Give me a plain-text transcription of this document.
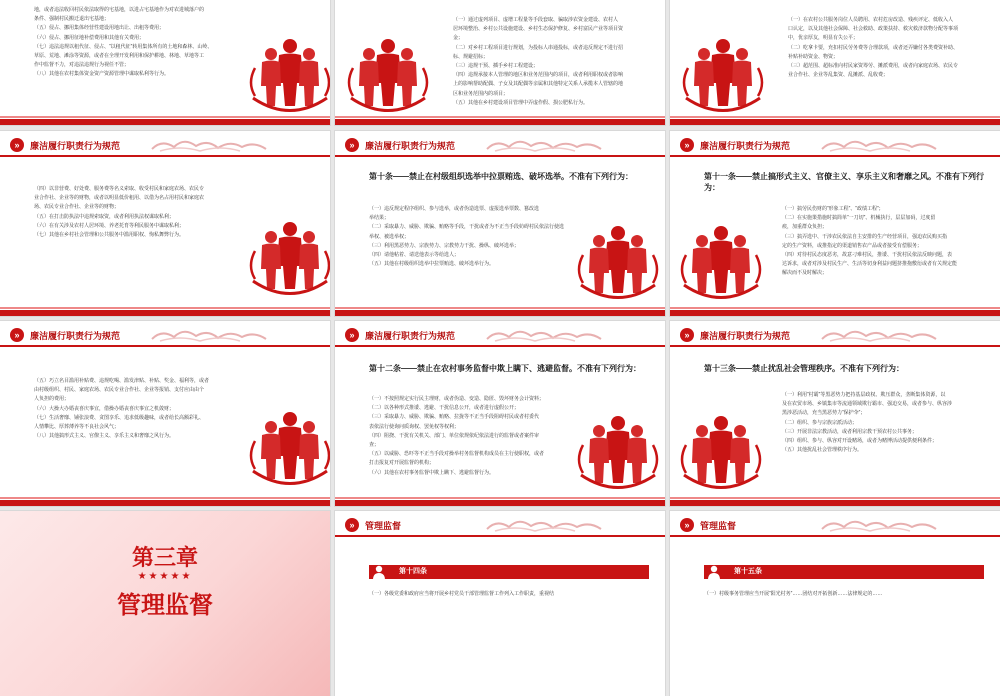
地，或者违法收回村民依法取得的宅基地，以进占宅基地作为对农进城落户的
条件、强制村民搬迁退出宅基地；
（五）侵占、挪用集体经营性建设用地出让、出租等费用；
（六）侵占、挪用征地补偿费用和其他有关费用；
（七）违法违规以租代征、侵占、“以租代征”转用集体所有的土地和森林、山岭、
草原、荒地、滩涂等资源，或者在全理开发利用和保护耕地、林地、草地等工
作中监督不力，对违法违规行为视任不管；
（八）其他在农村集体资金资产资源管理中谋取私利等行为。
（一）通过虚列项目、虚增工程量等手段套取、骗取涉农资金建设、农村人
居环境整治、乡村公共设施建设、乡村生态保护修复、乡村富民产业等项目资
金；
（二）对乡村工程项目进行规划，为投标人串通投标，或者违反规定不进行招
标、规避招标；
（三）违规干预、插手乡村工程建设；
（四）违规承接本人管理的地区和业务范围内的项目，或者利用职权或者影响
上的影响帮助配偶、子女及其配偶等亲属和其他特定关系人承揽本人管辖的地
区和业务范围内的项目；
（五）其他在乡村建设项目管理中弄虚作假、损公肥私行为。
（一）在农村公共服务岗位人员聘用、农村危房改造、残疾评定、低收入人
口认定，以及其他社会保障、社会救助、政策扶持、救灾救济款物分配等事项
中，优亲厚友，明显有失公平；
（二）吃拿卡要，充扣村民劳务费等合理款项，或者还弄嫌付各类费资补助、
补贴补助资金、物资；
（三）超范围、超标准向村民家资筹劳、摊派费用，或者向家庭农场、农民专
业合作社、企业等乱集资、乱摊派、乱收费；
»	廉洁履行职责行为规范
（四）以非营费、好处费、服务费等名义索取、收受村民和家庭农场、农民专
业合作社、企业等的财物，或者以明显低价租用、以借为名占用村民和家庭农
场、农民专业合作社、企业等的财物；
（五）在打击防执法中违规索取资，或者利用执法权谋取私利；
（六）在有关涉及农村人居环境、养老托育等利民服务中谋取私利；
（七）其他在乡村社会管理和公共服务中滥用职权、恂私舞弊行为。
»	廉洁履行职责行为规范
第十条——禁止在村级组织选举中拉票贿选、破坏选举。不准有下列行为：
（一）违反规定程序组织、参与选举，或者伪造选票、虚报选举票数、篡改选
举结果；
（二）采取暴力、威胁、欺骗、贿赂等手段，干扰或者为不正当手段妨碍村民依法行使选
举权、被选举权；
（三）利用黑恶势力、宗族势力、宗教势力干扰、操纵、破坏选举；
（四）请他帖着、请送他表示等给选人；
（五）其他在村级组织选举中拉票贿选、破坏选举行为。
»	廉洁履行职责行为规范
第十一条——禁止搞形式主义、官僚主义、享乐主义和奢靡之风。不准有下列行为：
（一）搞劳民伤财的“形象工程”、“政绩工程”；
（二）在实施策措施时搞简单“一刀切”、机械执行，层层加码，过度留
痕，加重群众负担；
（三）搞弄选中、干涉农民依法自主安排的生产经营项目，强迫农民购买指
定的生产资料，或推指定的渠道销售农产品或者接受有偿服务；
（四）对待村民态度恶劣，故意刁难村民，推诿、干扰村民依法反映问题，表
达诉求，或者对涉及村民生产、生活等切身利益问题挤推拖敷衍或者有关规定能
解决而不及时解决；
»	廉洁履行职责行为规范
（五）巧立名目滥用补贴费、违规吃喝、滥发津贴、补贴、奖金、福利等，或者
由村级组织、村民、家庭农场、农民专业合作社、企业等报销、支付应由由个
人负担的费用；
（六）大操大办婚丧喜庆事宜，借操办婚丧喜庆事宜之机敛财；
（七）生活奢靡、铺张浪费、贪图享乐、追求低级趣味，或者给长高额彩礼、
人情攀比、厚葬薄养等不良社会风气；
（八）其他搞形式主义、官僚主义、享乐主义和奢靡之风行为。
»	廉洁履行职责行为规范
第十二条——禁止在农村事务监督中欺上瞒下、逃避监督。不准有下列行为：
（一）不按照规定实行民主理财，或者伪造、变造、隐匿、毁坏财务会计资料；
（二）以各种形式推诿、逃避、干扰信息公开，或者进行虚假公开；
（三）采取暴力、威胁、欺骗、贿赂、拉拢等不正当手段阻碍村民或者村委代
表依法行使询问质询权、罢免权等权利；
（四）阻挠、干扰有关机关、部门、单位依规依纪依法进行的监督或者案件审
查；
（五）以威胁、恐吓等不正当手段对操举村务监督机构成员在主行使职权，或者
打击报复对开展监督的机构；
（六）其他在农村事务监督中欺上瞒下、逃避监督行为。
»	廉洁履行职责行为规范
第十三条——禁止扰乱社会管理秩序。不准有下列行为：
（一）利用“村霸”等黑恶势力把持基层政权、欺压群众，垄断集体资源，以
及在农贸市场、乡镇集市等流通领域欺行霸市、强迫交易，或者参与、纵容涉
黑涉恶活动，充当黑恶势力“保护伞”；
（二）组织、参与宗族宗派活动；
（三）开展非法宗教活动，或者利用宗教干预农村公共事务；
（四）组织、参与、纵容对开设赌场，或者为赌博活动提供便利条件；
（五）其他扰乱社会管理秩序行为。
第三章
★★★★★
管理监督
»	管理监督
第十四条
（一）各级党委和政府应当将开展乡村党员干部管理监督工作列入工作职责，重视结
»	管理监督
第十五条
（一）村级事务管理应当开展“阳光村务”……团结对开拓创新……法律规定的……
